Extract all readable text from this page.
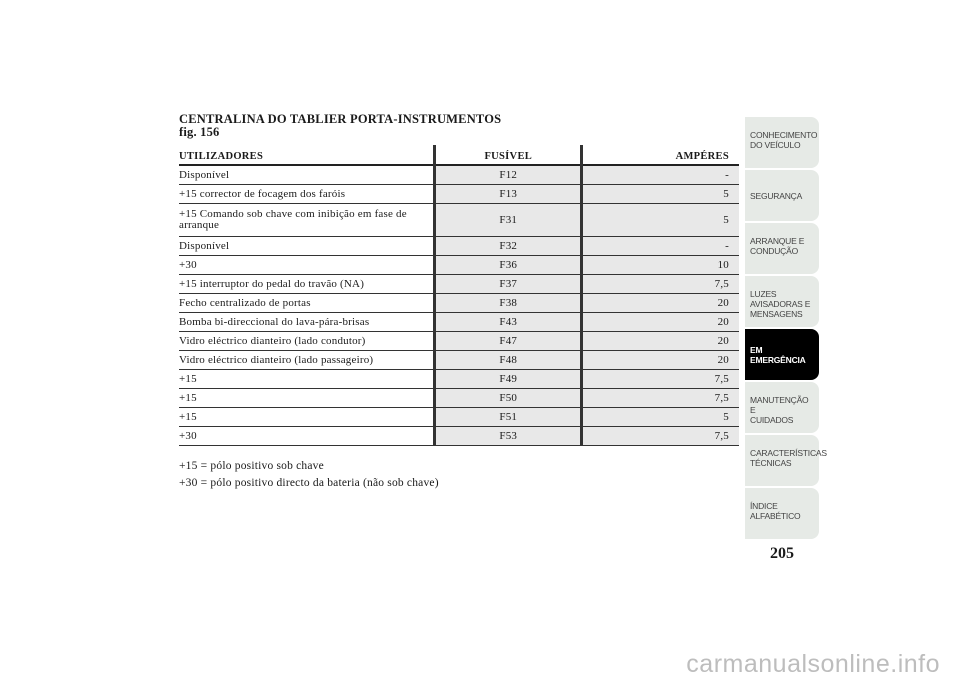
CENTRALINA DO TABLIER PORTA-INSTRUMENTOS
fig. 156
UTILIZADORES	FUSÍVEL	AMPÉRES
Disponível	F12	-
+15 corrector de focagem dos faróis	F13	5
+15 Comando sob chave com inibição em fase de arranque	F31	5
Disponível	F32	-
+30	F36	10
+15 interruptor do pedal do travão (NA)	F37	7,5
Fecho centralizado de portas	F38	20
Bomba bi-direccional do lava-pára-brisas	F43	20
Vidro eléctrico dianteiro (lado condutor)	F47	20
Vidro eléctrico dianteiro (lado passageiro)	F48	20
+15	F49	7,5
+15	F50	7,5
+15	F51	5
+30	F53	7,5
+15 = pólo positivo sob chave
+30 = pólo positivo directo da bateria (não sob chave)
CONHECIMENTO
DO VEÍCULO
SEGURANÇA
ARRANQUE E
CONDUÇÃO
LUZES
AVISADORAS E
MENSAGENS
EM EMERGÊNCIA
MANUTENÇÃO E
CUIDADOS
CARACTERÍSTICAS
TÉCNICAS
ÍNDICE
ALFABÉTICO
205
carmanualsonline.info
